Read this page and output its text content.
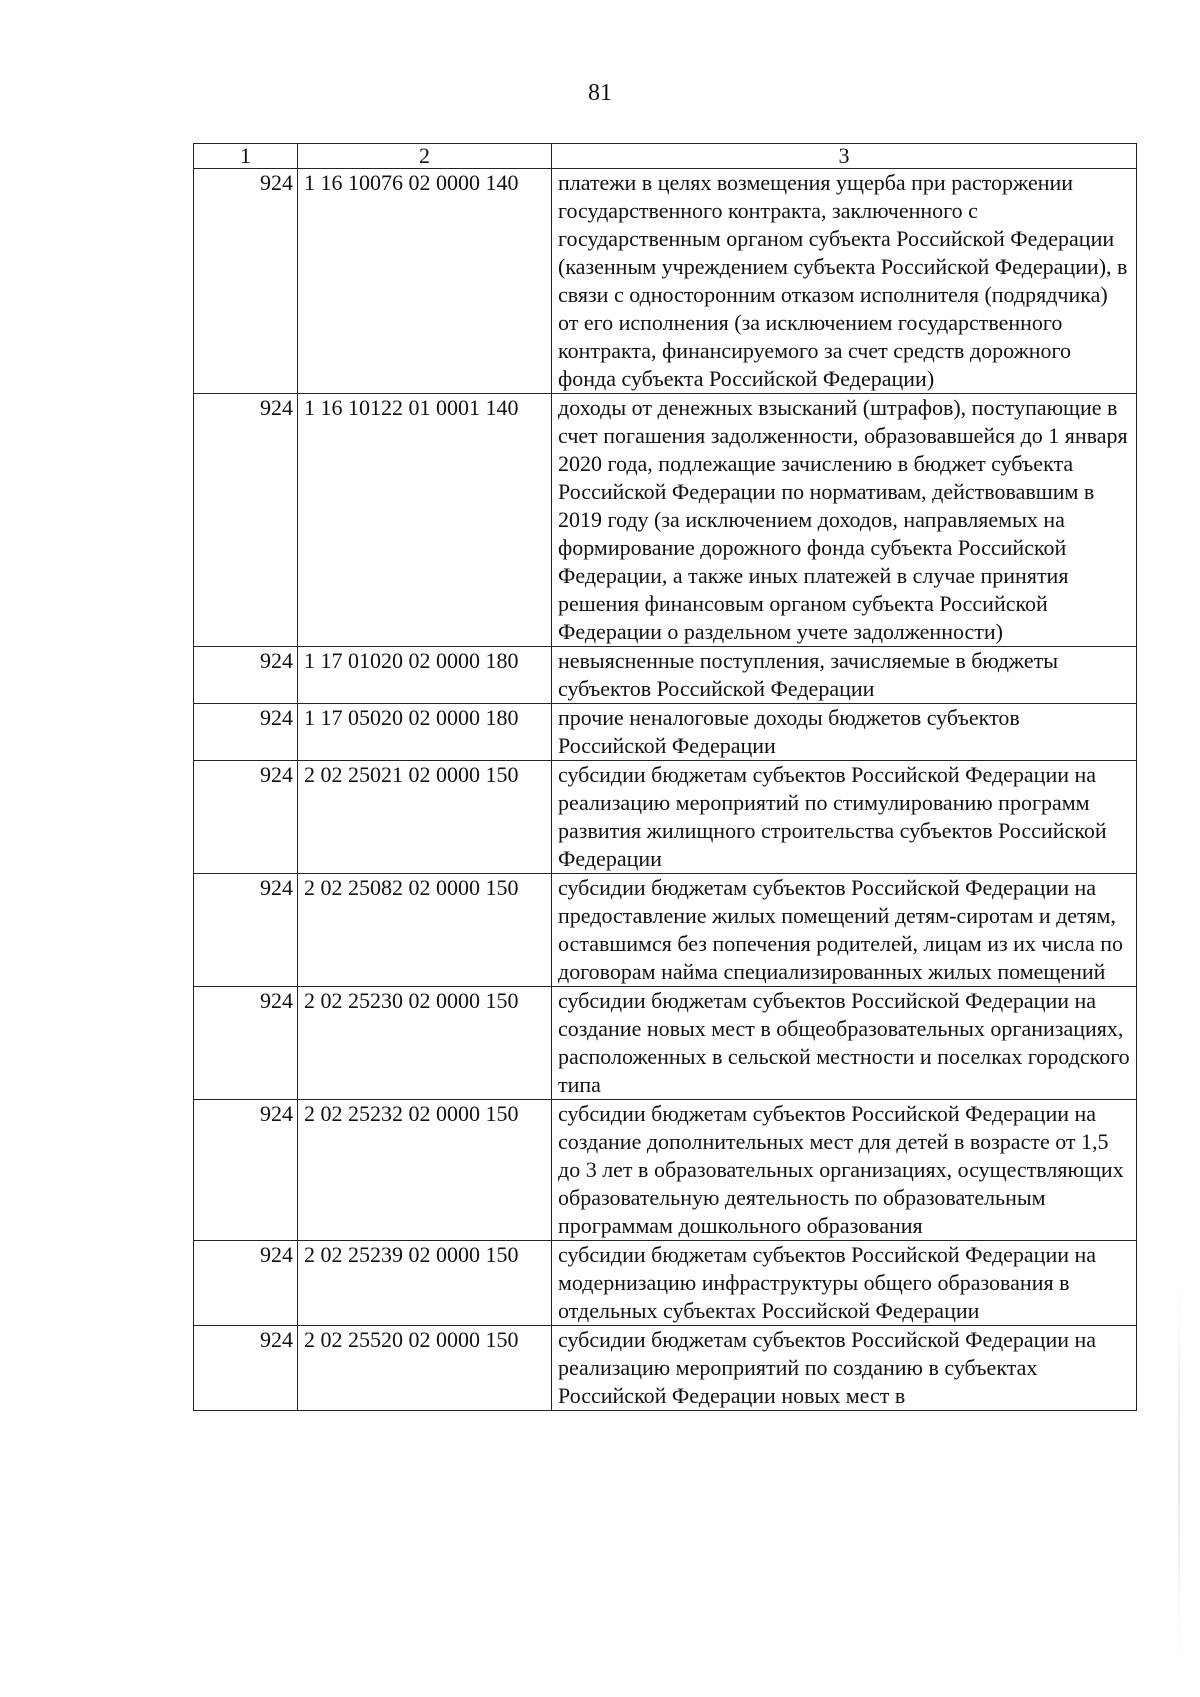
81
1	2	3
924	1 16 10076 02 0000 140	платежи в целях возмещения ущерба при расторжении государственного контракта, заключенного с государственным органом субъекта Российской Федерации (казенным учреждением субъекта Российской Федерации), в связи с односторонним отказом исполнителя (подрядчика) от его исполнения (за исключением государственного контракта, финансируемого за счет средств дорожного фонда субъекта Российской Федерации)
924	1 16 10122 01 0001 140	доходы от денежных взысканий (штрафов), поступающие в счет погашения задолженности, образовавшейся до 1 января 2020 года, подлежащие зачислению в бюджет субъекта Российской Федерации по нормативам, действовавшим в 2019 году (за исключением доходов, направляемых на формирование дорожного фонда субъекта Российской Федерации, а также иных платежей в случае принятия решения финансовым органом субъекта Российской Федерации о раздельном учете задолженности)
924	1 17 01020 02 0000 180	невыясненные поступления, зачисляемые в бюджеты субъектов Российской Федерации
924	1 17 05020 02 0000 180	прочие неналоговые доходы бюджетов субъектов Российской Федерации
924	2 02 25021 02 0000 150	субсидии бюджетам субъектов Российской Федерации на реализацию мероприятий по стимулированию программ развития жилищного строительства субъектов Российской Федерации
924	2 02 25082 02 0000 150	субсидии бюджетам субъектов Российской Федерации на предоставление жилых помещений детям-сиротам и детям, оставшимся без попечения родителей, лицам из их числа по договорам найма специализированных жилых помещений
924	2 02 25230 02 0000 150	субсидии бюджетам субъектов Российской Федерации на создание новых мест в общеобразовательных организациях, расположенных в сельской местности и поселках городского типа
924	2 02 25232 02 0000 150	субсидии бюджетам субъектов Российской Федерации на создание дополнительных мест для детей в возрасте от 1,5 до 3 лет в образовательных организациях, осуществляющих образовательную деятельность по образовательным программам дошкольного образования
924	2 02 25239 02 0000 150	субсидии бюджетам субъектов Российской Федерации на модернизацию инфраструктуры общего образования в отдельных субъектах Российской Федерации
924	2 02 25520 02 0000 150	субсидии бюджетам субъектов Российской Федерации на реализацию мероприятий по созданию в субъектах Российской Федерации новых мест в
